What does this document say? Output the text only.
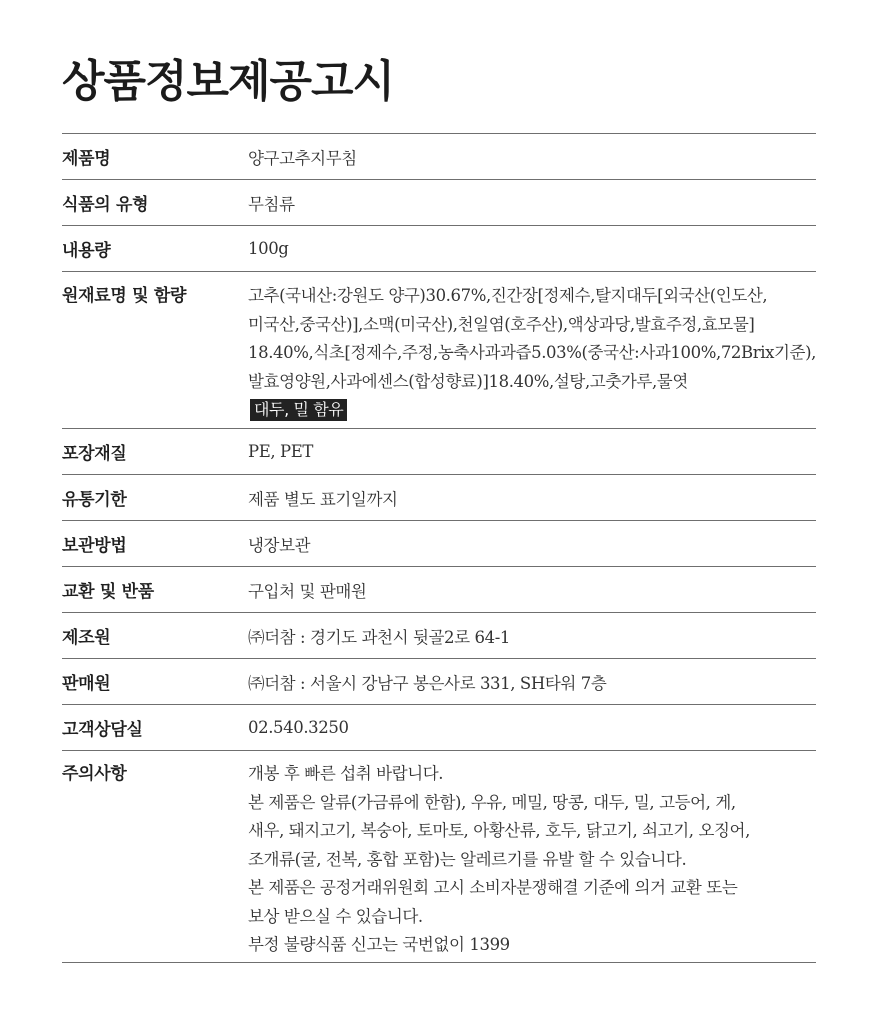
상품정보제공고시
제품명	양구고추지무침
식품의 유형	무침류
내용량	100g
원재료명 및 함량	고추(국내산:강원도 양구)30.67%,진간장[정제수,탈지대두[외국산(인도산,
미국산,중국산)],소맥(미국산),천일염(호주산),액상과당,발효주정,효모물]
18.40%,식초[정제수,주정,농축사과과즙5.03%(중국산:사과100%,72Brix기준),
발효영양원,사과에센스(합성향료)]18.40%,설탕,고춧가루,물엿
대두, 밀 함유
포장재질	PE, PET
유통기한	제품 별도 표기일까지
보관방법	냉장보관
교환 및 반품	구입처 및 판매원
제조원	㈜더참 : 경기도 과천시 뒷골2로 64-1
판매원	㈜더참 : 서울시 강남구 봉은사로 331, SH타워 7층
고객상담실	02.540.3250
주의사항	개봉 후 빠른 섭취 바랍니다.
본 제품은 알류(가금류에 한함), 우유, 메밀, 땅콩, 대두, 밀, 고등어, 게,
새우, 돼지고기, 복숭아, 토마토, 아황산류, 호두, 닭고기, 쇠고기, 오징어,
조개류(굴, 전복, 홍합 포함)는 알레르기를 유발 할 수 있습니다.
본 제품은 공정거래위원회 고시 소비자분쟁해결 기준에 의거 교환 또는
보상 받으실 수 있습니다.
부정 불량식품 신고는 국번없이 1399
